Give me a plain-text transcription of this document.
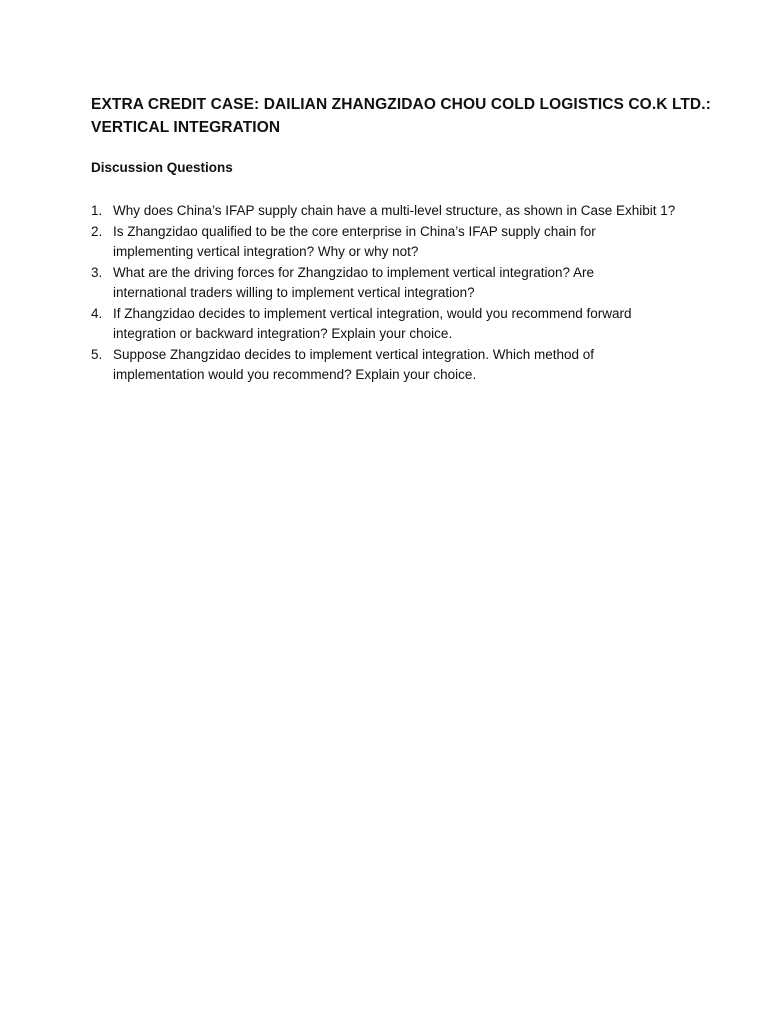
EXTRA CREDIT CASE: DAILIAN ZHANGZIDAO CHOU COLD LOGISTICS CO.K LTD.:
VERTICAL INTEGRATION
Discussion Questions
1. Why does China’s IFAP supply chain have a multi-level structure, as shown in Case Exhibit 1?
2. Is Zhangzidao qualified to be the core enterprise in China’s IFAP supply chain for
implementing vertical integration? Why or why not?
3. What are the driving forces for Zhangzidao to implement vertical integration? Are
international traders willing to implement vertical integration?
4. If Zhangzidao decides to implement vertical integration, would you recommend forward
integration or backward integration? Explain your choice.
5. Suppose Zhangzidao decides to implement vertical integration. Which method of
implementation would you recommend? Explain your choice.
